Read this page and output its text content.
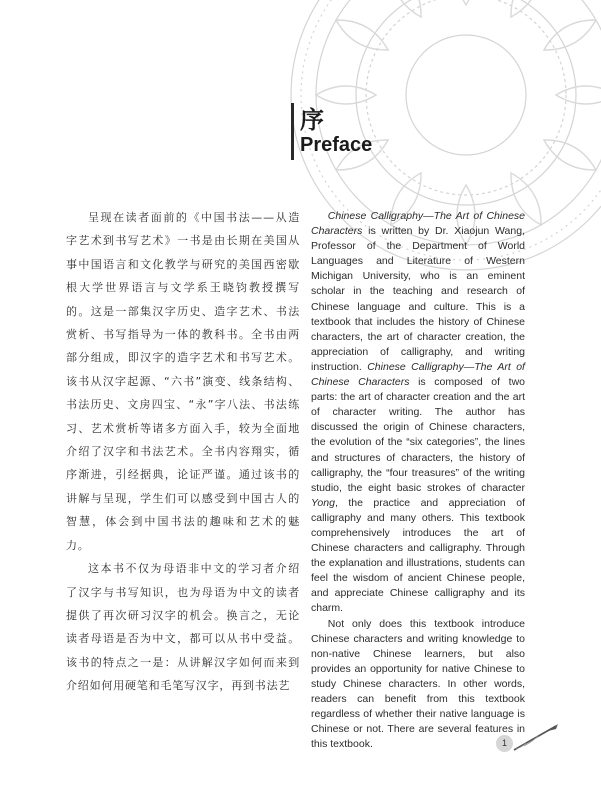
序
Preface

呈现在读者面前的《中国书法——从造字艺术到书写艺术》一书是由长期在美国从事中国语言和文化教学与研究的美国西密歇根大学世界语言与文学系王晓钧教授撰写的。这是一部集汉字历史、造字艺术、书法赏析、书写指导为一体的教科书。全书由两部分组成，即汉字的造字艺术和书写艺术。该书从汉字起源、“六书”演变、线条结构、书法历史、文房四宝、“永”字八法、书法练习、艺术赏析等诸多方面入手，较为全面地介绍了汉字和书法艺术。全书内容翔实，循序渐进，引经据典，论证严谨。通过该书的讲解与呈现，学生们可以感受到中国古人的智慧，体会到中国书法的趣味和艺术的魅力。

这本书不仅为母语非中文的学习者介绍了汉字与书写知识，也为母语为中文的读者提供了再次研习汉字的机会。换言之，无论读者母语是否为中文，都可以从书中受益。该书的特点之一是：从讲解汉字如何而来到介绍如何用硬笔和毛笔写汉字，再到书法艺

Chinese Calligraphy—The Art of Chinese Characters is written by Dr. Xiaojun Wang, Professor of the Department of World Languages and Literature of Western Michigan University, who is an eminent scholar in the teaching and research of Chinese language and culture. This is a textbook that includes the history of Chinese characters, the art of character creation, the appreciation of calligraphy, and writing instruction. Chinese Calligraphy—The Art of Chinese Characters is composed of two parts: the art of character creation and the art of character writing. The author has discussed the origin of Chinese characters, the evolution of the “six categories”, the lines and structures of characters, the history of calligraphy, the “four treasures” of the writing studio, the eight basic strokes of character Yong, the practice and appreciation of calligraphy and many others. This textbook comprehensively introduces the art of Chinese characters and calligraphy. Through the explanation and illustrations, students can feel the wisdom of ancient Chinese people, and appreciate Chinese calligraphy and its charm.

Not only does this textbook introduce Chinese characters and writing knowledge to non-native Chinese learners, but also provides an opportunity for native Chinese to study Chinese characters. In other words, readers can benefit from this textbook regardless of whether their native language is Chinese or not. There are several features in this textbook.	1
